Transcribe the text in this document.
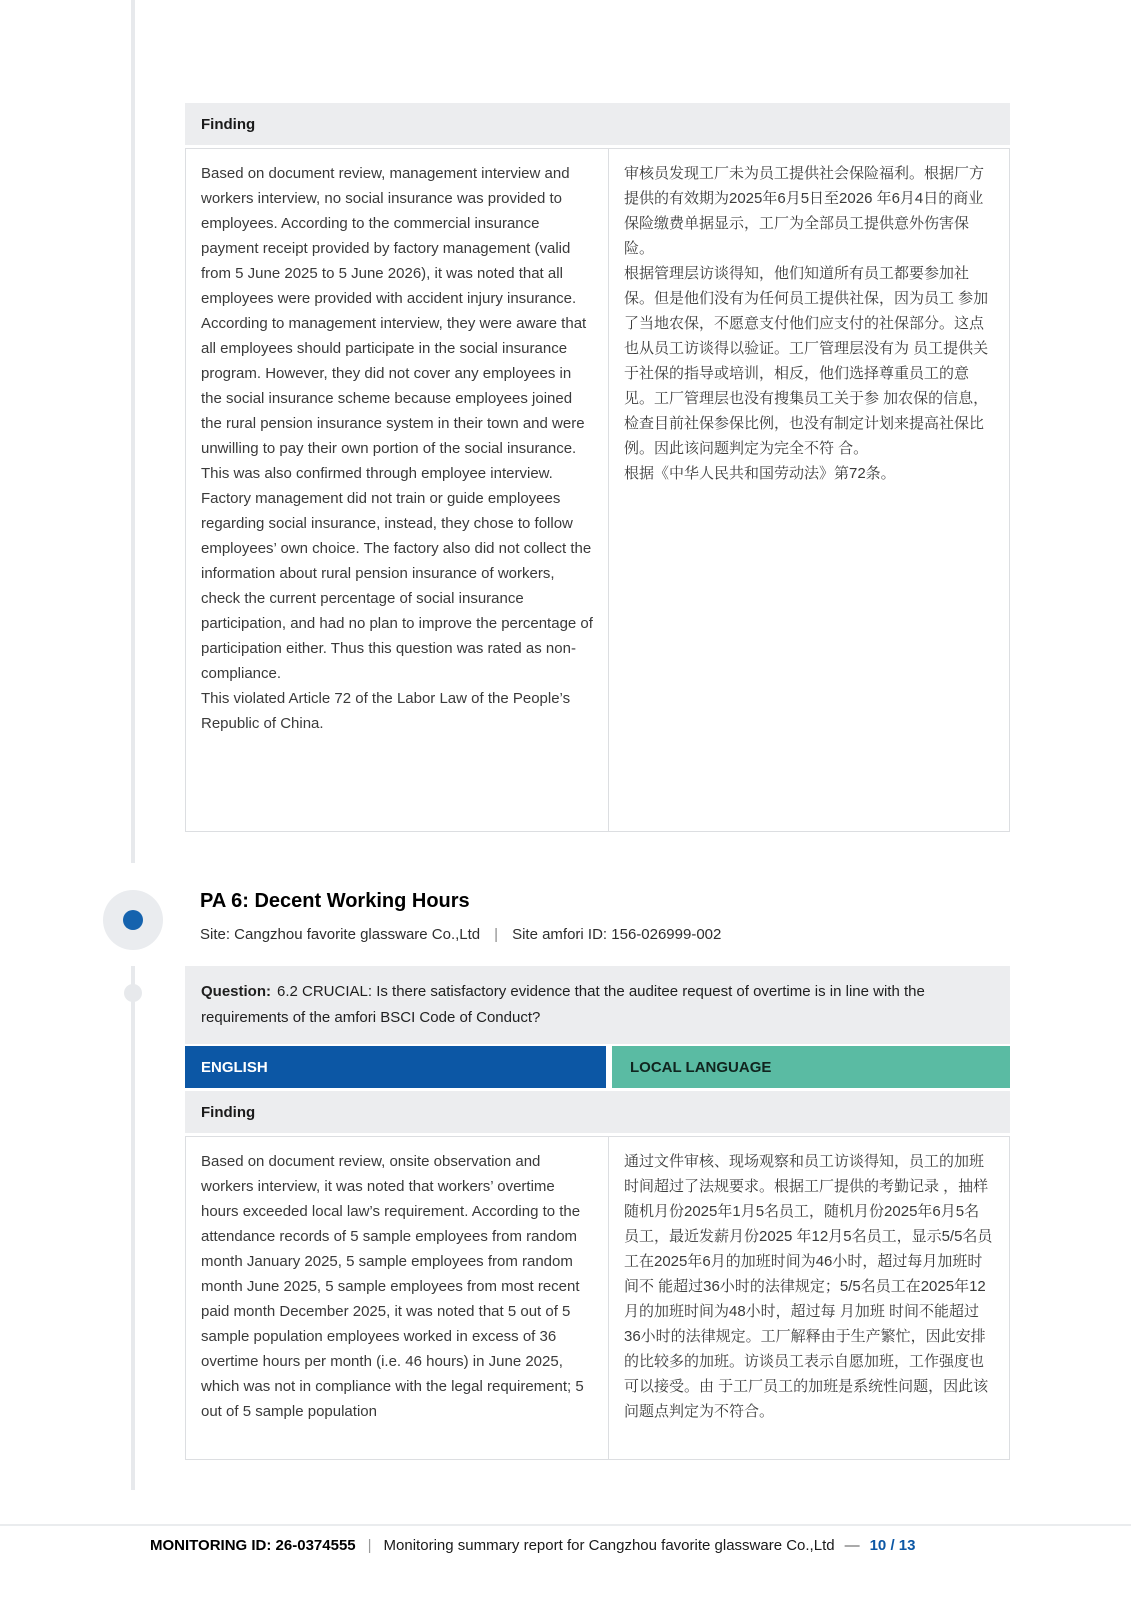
Finding

Based on document review, management interview and workers interview, no social insurance was provided to employees. According to the commercial insurance payment receipt provided by factory management (valid from 5 June 2025 to 5 June 2026), it was noted that all employees were provided with accident injury insurance.

According to management interview, they were aware that all employees should participate in the social insurance program. However, they did not cover any employees in the social insurance scheme because employees joined the rural pension insurance system in their town and were unwilling to pay their own portion of the social insurance. This was also confirmed through employee interview. Factory management did not train or guide employees regarding social insurance, instead, they chose to follow employees’ own choice. The factory also did not collect the information about rural pension insurance of workers, check the current percentage of social insurance participation, and had no plan to improve the percentage of participation either. Thus this question was rated as non-compliance.

This violated Article 72 of the Labor Law of the People’s Republic of China.

审核员发现工厂未为员工提供社会保险福利。根据厂方提供的有效期为2025年6月5日至2026 年6月4日的商业保险缴费单据显示，工厂为全部员工提供意外伤害保险。

根据管理层访谈得知，他们知道所有员工都要参加社保。但是他们没有为任何员工提供社保，因为员工 参加了当地农保，不愿意支付他们应支付的社保部分。这点也从员工访谈得以验证。工厂管理层没有为 员工提供关于社保的指导或培训，相反，他们选择尊重员工的意见。工厂管理层也没有搜集员工关于参 加农保的信息，检查目前社保参保比例，也没有制定计划来提高社保比例。因此该问题判定为完全不符 合。

根据《中华人民共和国劳动法》第72条。

PA 6: Decent Working Hours
Site: Cangzhou favorite glassware Co.,Ltd | Site amfori ID: 156-026999-002
Question: 6.2 CRUCIAL: Is there satisfactory evidence that the auditee request of overtime is in line with the requirements of the amfori BSCI Code of Conduct?
ENGLISH	LOCAL LANGUAGE
Finding

Based on document review, onsite observation and workers interview, it was noted that workers’ overtime hours exceeded local law’s requirement. According to the attendance records of 5 sample employees from random month January 2025, 5 sample employees from random month June 2025, 5 sample employees from most recent paid month December 2025, it was noted that 5 out of 5 sample population employees worked in excess of 36 overtime hours per month (i.e. 46 hours) in June 2025, which was not in compliance with the legal requirement; 5 out of 5 sample population

通过文件审核、现场观察和员工访谈得知，员工的加班时间超过了法规要求。根据工厂提供的考勤记录 ，抽样随机月份2025年1月5名员工，随机月份2025年6月5名员工，最近发薪月份2025 年12月5名员工，显示5/5名员工在2025年6月的加班时间为46小时，超过每月加班时间不 能超过36小时的法律规定；5/5名员工在2025年12月的加班时间为48小时，超过每 月加班 时间不能超过36小时的法律规定。工厂解释由于生产繁忙，因此安排的比较多的加班。访谈员工表示自愿加班，工作强度也可以接受。由 于工厂员工的加班是系统性问题，因此该问题点判定为不符合。

MONITORING ID: 26-0374555 | Monitoring summary report for Cangzhou favorite glassware Co.,Ltd — 10 / 13
